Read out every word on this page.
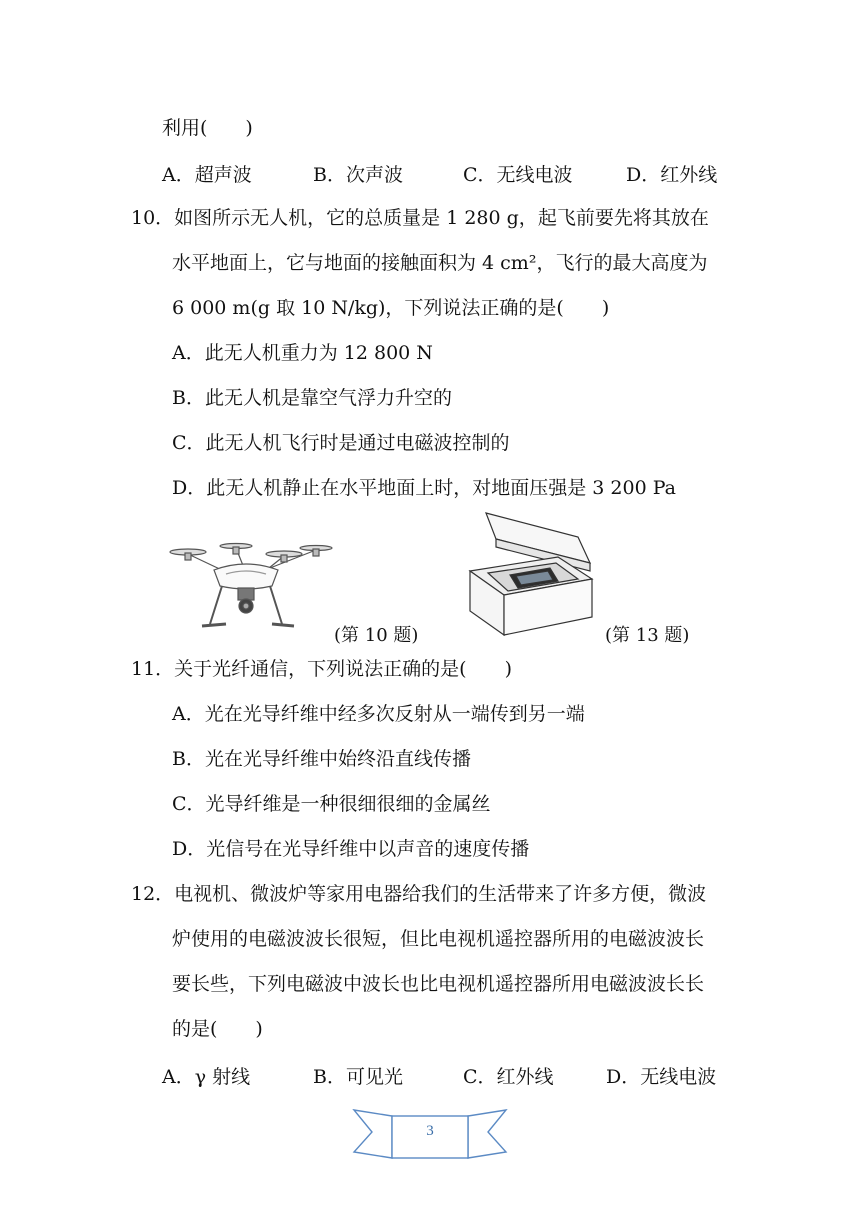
利用(　　)
A．超声波	B．次声波	C．无线电波	D．红外线
10．如图所示无人机，它的总质量是 1 280 g，起飞前要先将其放在
水平地面上，它与地面的接触面积为 4 cm²，飞行的最大高度为
6 000 m(g 取 10 N/kg)，下列说法正确的是(　　)
A．此无人机重力为 12 800 N
B．此无人机是靠空气浮力升空的
C．此无人机飞行时是通过电磁波控制的
D．此无人机静止在水平地面上时，对地面压强是 3 200 Pa
(第 10 题)	(第 13 题)
11．关于光纤通信，下列说法正确的是(　　)
A．光在光导纤维中经多次反射从一端传到另一端
B．光在光导纤维中始终沿直线传播
C．光导纤维是一种很细很细的金属丝
D．光信号在光导纤维中以声音的速度传播
12．电视机、微波炉等家用电器给我们的生活带来了许多方便，微波
炉使用的电磁波波长很短，但比电视机遥控器所用的电磁波波长
要长些，下列电磁波中波长也比电视机遥控器所用电磁波波长长
的是(　　)
A．γ 射线	B．可见光	C．红外线	D．无线电波
3
